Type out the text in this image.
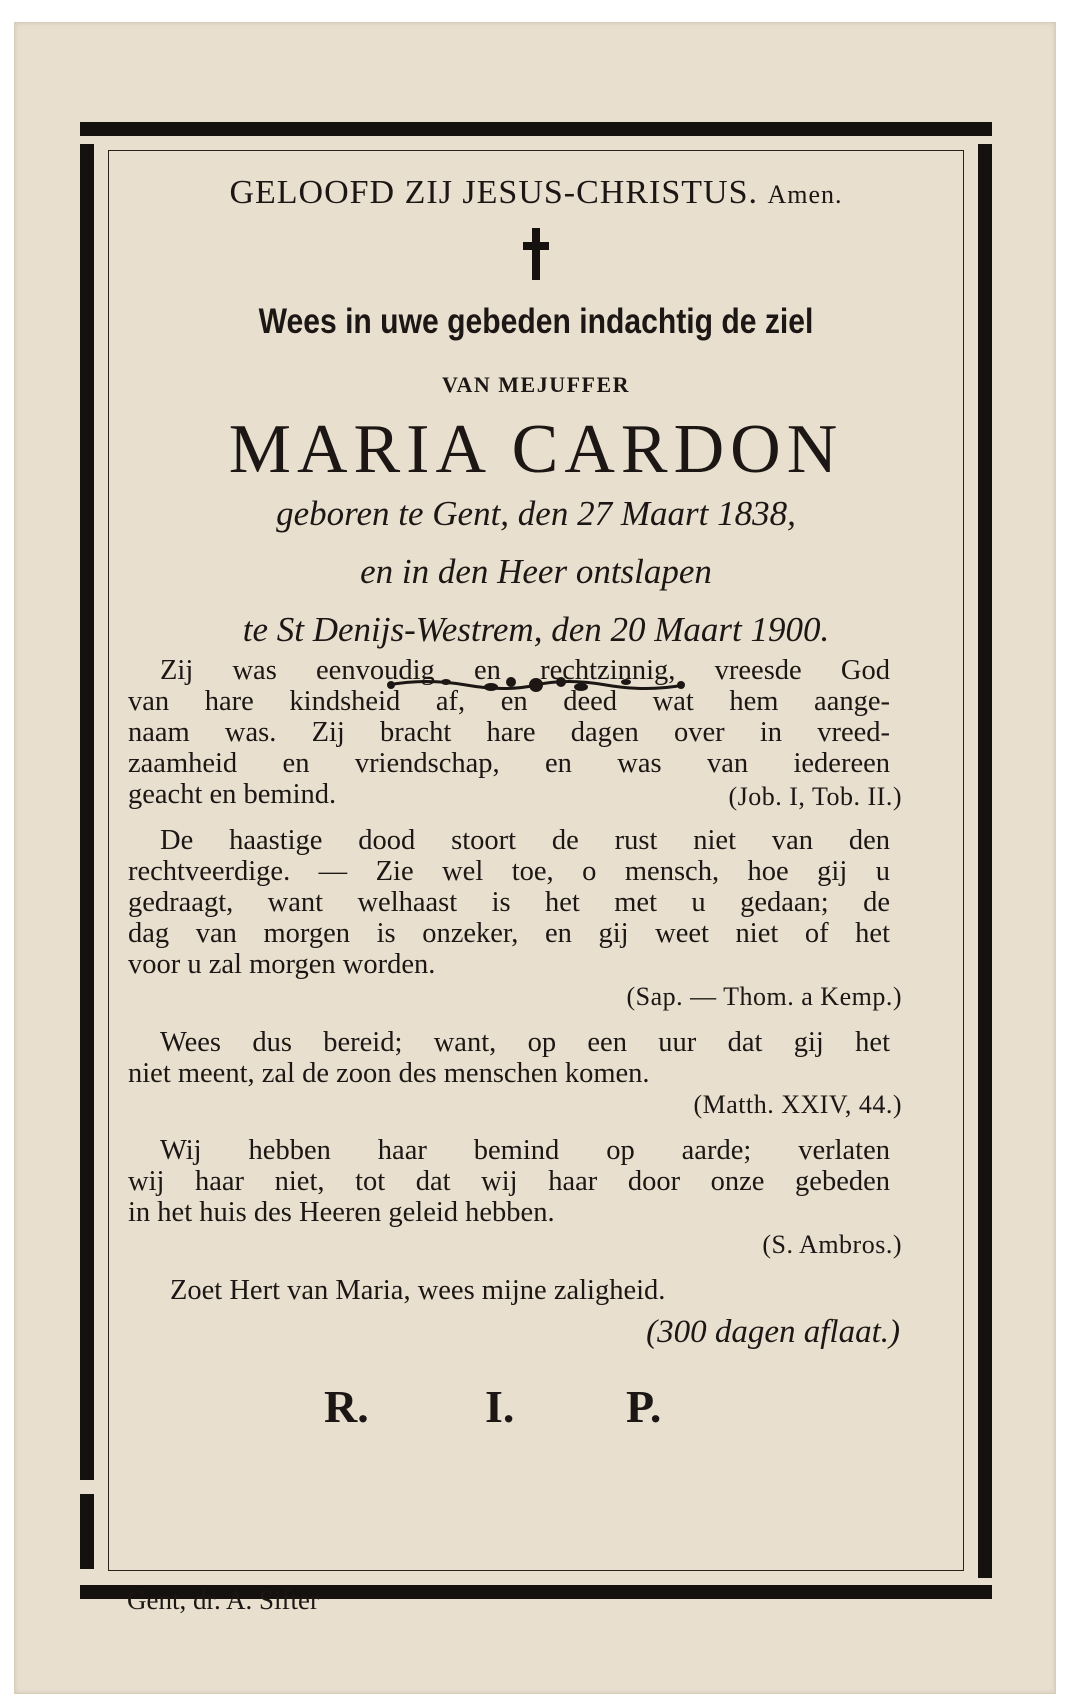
GELOOFD ZIJ JESUS-CHRISTUS. Amen.
Wees in uwe gebeden indachtig de ziel
VAN MEJUFFER
MARIA CARDON
geboren te Gent, den 27 Maart 1838,
en in den Heer ontslapen
te St Denijs-Westrem, den 20 Maart 1900.
Zij was eenvoudig en rechtzinnig, vreesde God
van hare kindsheid af, en deed wat hem aange-
naam was. Zij bracht hare dagen over in vreed-
zaamheid en vriendschap, en was van iedereen
geacht en bemind.	(Job. I, Tob. II.)
De haastige dood stoort de rust niet van den
rechtveerdige. — Zie wel toe, o mensch, hoe gij u
gedraagt, want welhaast is het met u gedaan; de
dag van morgen is onzeker, en gij weet niet of het
voor u zal morgen worden.
(Sap. — Thom. a Kemp.)
Wees dus bereid; want, op een uur dat gij het
niet meent, zal de zoon des menschen komen.
(Matth. XXIV, 44.)
Wij hebben haar bemind op aarde; verlaten
wij haar niet, tot dat wij haar door onze gebeden
in het huis des Heeren geleid hebben.
(S. Ambros.)
Zoet Hert van Maria, wees mijne zaligheid.
(300 dagen aflaat.)
R.	I. P.
Gent, dr. A. Sifter
